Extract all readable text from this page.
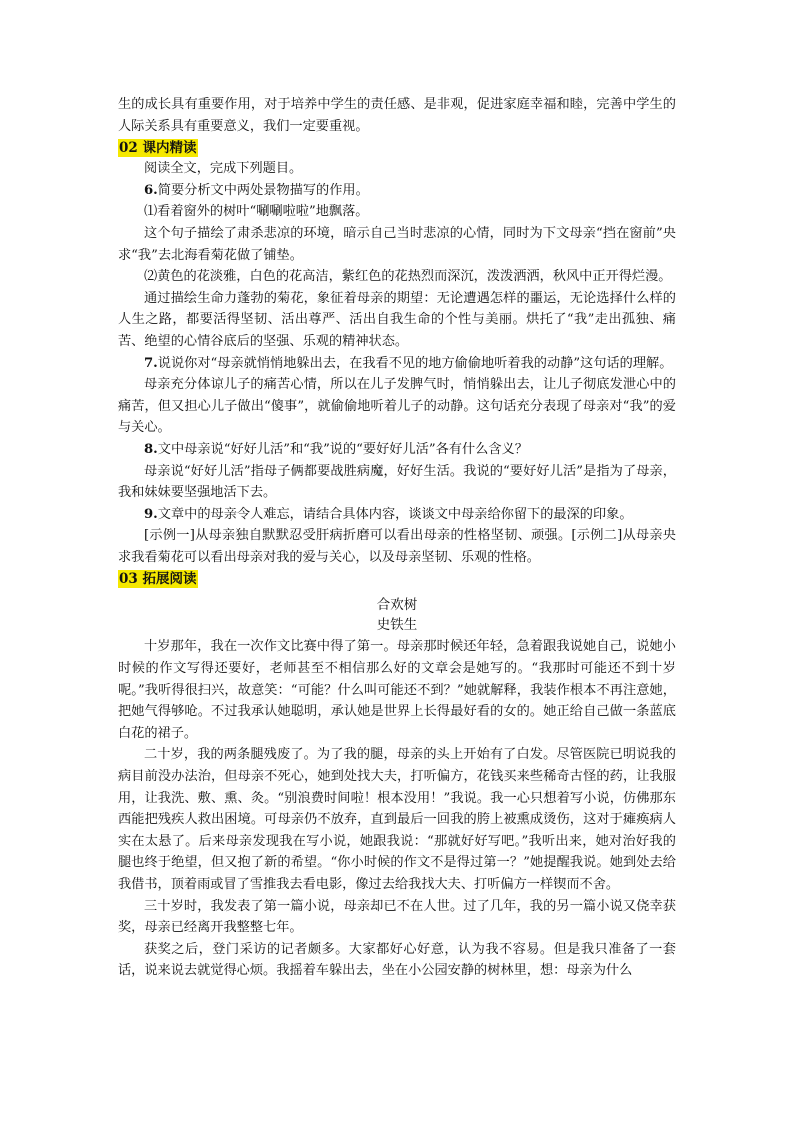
生的成长具有重要作用，对于培养中学生的责任感、是非观，促进家庭幸福和睦，完善中学生的人际关系具有重要意义，我们一定要重视。

02 课内精读

阅读全文，完成下列题目。

6.简要分析文中两处景物描写的作用。

⑴看着窗外的树叶“唰唰啦啦”地飘落。

这个句子描绘了肃杀悲凉的环境，暗示自己当时悲凉的心情，同时为下文母亲“挡在窗前”央求“我”去北海看菊花做了铺垫。

⑵黄色的花淡雅，白色的花高洁，紫红色的花热烈而深沉，泼泼洒洒，秋风中正开得烂漫。

通过描绘生命力蓬勃的菊花，象征着母亲的期望：无论遭遇怎样的噩运，无论选择什么样的人生之路，都要活得坚韧、活出尊严、活出自我生命的个性与美丽。烘托了“我”走出孤独、痛苦、绝望的心情谷底后的坚强、乐观的精神状态。

7.说说你对“母亲就悄悄地躲出去，在我看不见的地方偷偷地听着我的动静”这句话的理解。

母亲充分体谅儿子的痛苦心情，所以在儿子发脾气时，悄悄躲出去，让儿子彻底发泄心中的痛苦，但又担心儿子做出“傻事”，就偷偷地听着儿子的动静。这句话充分表现了母亲对“我”的爱与关心。

8.文中母亲说“好好儿活”和“我”说的“要好好儿活”各有什么含义？

母亲说“好好儿活”指母子俩都要战胜病魔，好好生活。我说的“要好好儿活”是指为了母亲，我和妹妹要坚强地活下去。

9.文章中的母亲令人难忘，请结合具体内容，谈谈文中母亲给你留下的最深的印象。

[示例一]从母亲独自默默忍受肝病折磨可以看出母亲的性格坚韧、顽强。[示例二]从母亲央求我看菊花可以看出母亲对我的爱与关心，以及母亲坚韧、乐观的性格。

03 拓展阅读

合欢树

史铁生

十岁那年，我在一次作文比赛中得了第一。母亲那时候还年轻，急着跟我说她自己，说她小时候的作文写得还要好，老师甚至不相信那么好的文章会是她写的。“我那时可能还不到十岁呢。”我听得很扫兴，故意笑：“可能？什么叫可能还不到？”她就解释，我装作根本不再注意她，把她气得够呛。不过我承认她聪明，承认她是世界上长得最好看的女的。她正给自己做一条蓝底白花的裙子。

二十岁，我的两条腿残废了。为了我的腿，母亲的头上开始有了白发。尽管医院已明说我的病目前没办法治，但母亲不死心，她到处找大夫，打听偏方，花钱买来些稀奇古怪的药，让我服用，让我洗、敷、熏、灸。“别浪费时间啦！根本没用！”我说。我一心只想着写小说，仿佛那东西能把残疾人救出困境。可母亲仍不放弃，直到最后一回我的胯上被熏成烫伤，这对于瘫痪病人实在太悬了。后来母亲发现我在写小说，她跟我说：“那就好好写吧。”我听出来，她对治好我的腿也终于绝望，但又抱了新的希望。“你小时候的作文不是得过第一？”她提醒我说。她到处去给我借书，顶着雨或冒了雪推我去看电影，像过去给我找大夫、打听偏方一样锲而不舍。

三十岁时，我发表了第一篇小说，母亲却已不在人世。过了几年，我的另一篇小说又侥幸获奖，母亲已经离开我整整七年。

获奖之后，登门采访的记者颇多。大家都好心好意，认为我不容易。但是我只准备了一套话，说来说去就觉得心烦。我摇着车躲出去，坐在小公园安静的树林里，想：母亲为什么
